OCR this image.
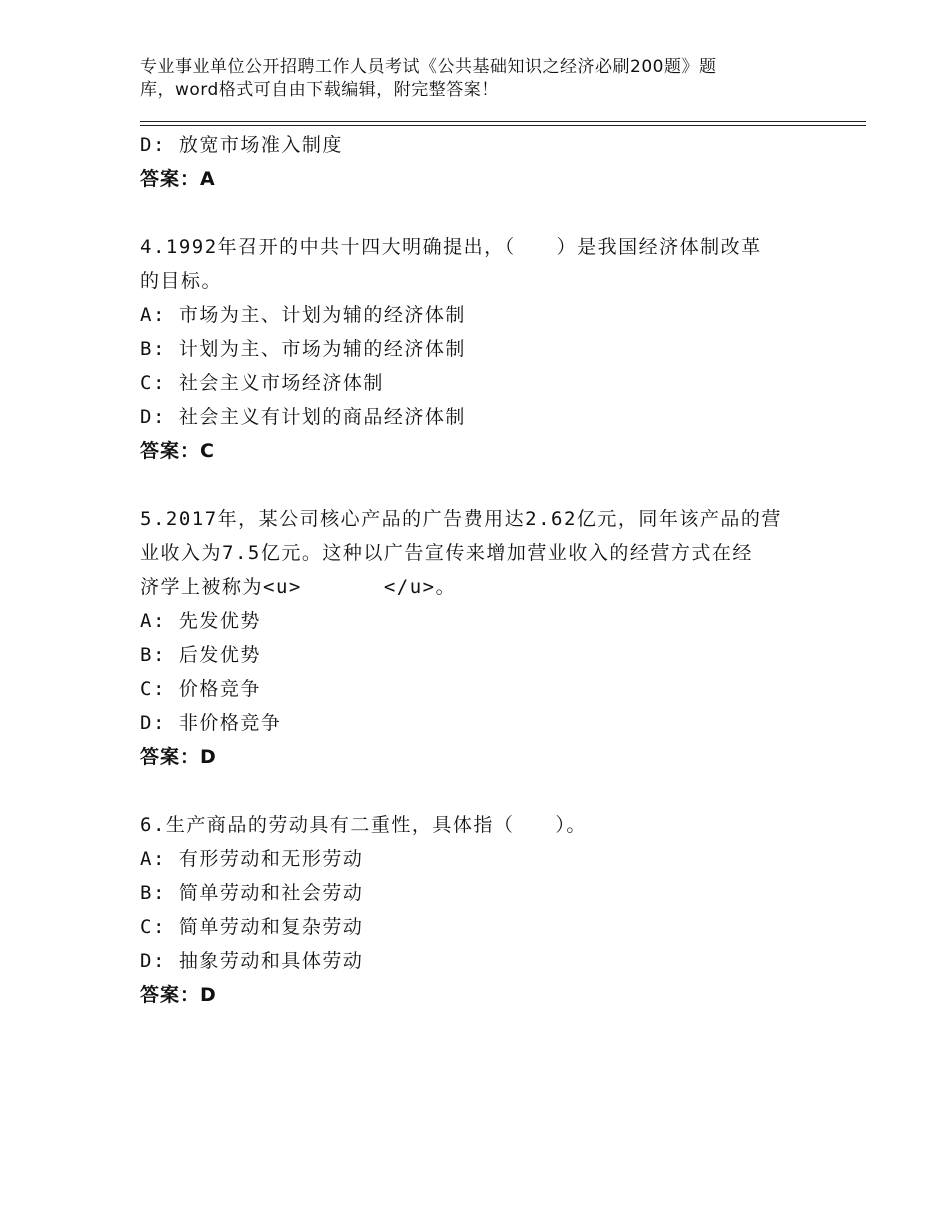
专业事业单位公开招聘工作人员考试《公共基础知识之经济必刷200题》题
库，word格式可自由下载编辑，附完整答案！
D: 放宽市场准入制度
答案：A
4.1992年召开的中共十四大明确提出，（　　）是我国经济体制改革
的目标。
A: 市场为主、计划为辅的经济体制
B: 计划为主、市场为辅的经济体制
C: 社会主义市场经济体制
D: 社会主义有计划的商品经济体制
答案：C
5.2017年，某公司核心产品的广告费用达2.62亿元，同年该产品的营
业收入为7.5亿元。这种以广告宣传来增加营业收入的经营方式在经
济学上被称为<u>　　　　</u>。
A: 先发优势
B: 后发优势
C: 价格竞争
D: 非价格竞争
答案：D
6.生产商品的劳动具有二重性，具体指（　　）。
A: 有形劳动和无形劳动
B: 简单劳动和社会劳动
C: 简单劳动和复杂劳动
D: 抽象劳动和具体劳动
答案：D
